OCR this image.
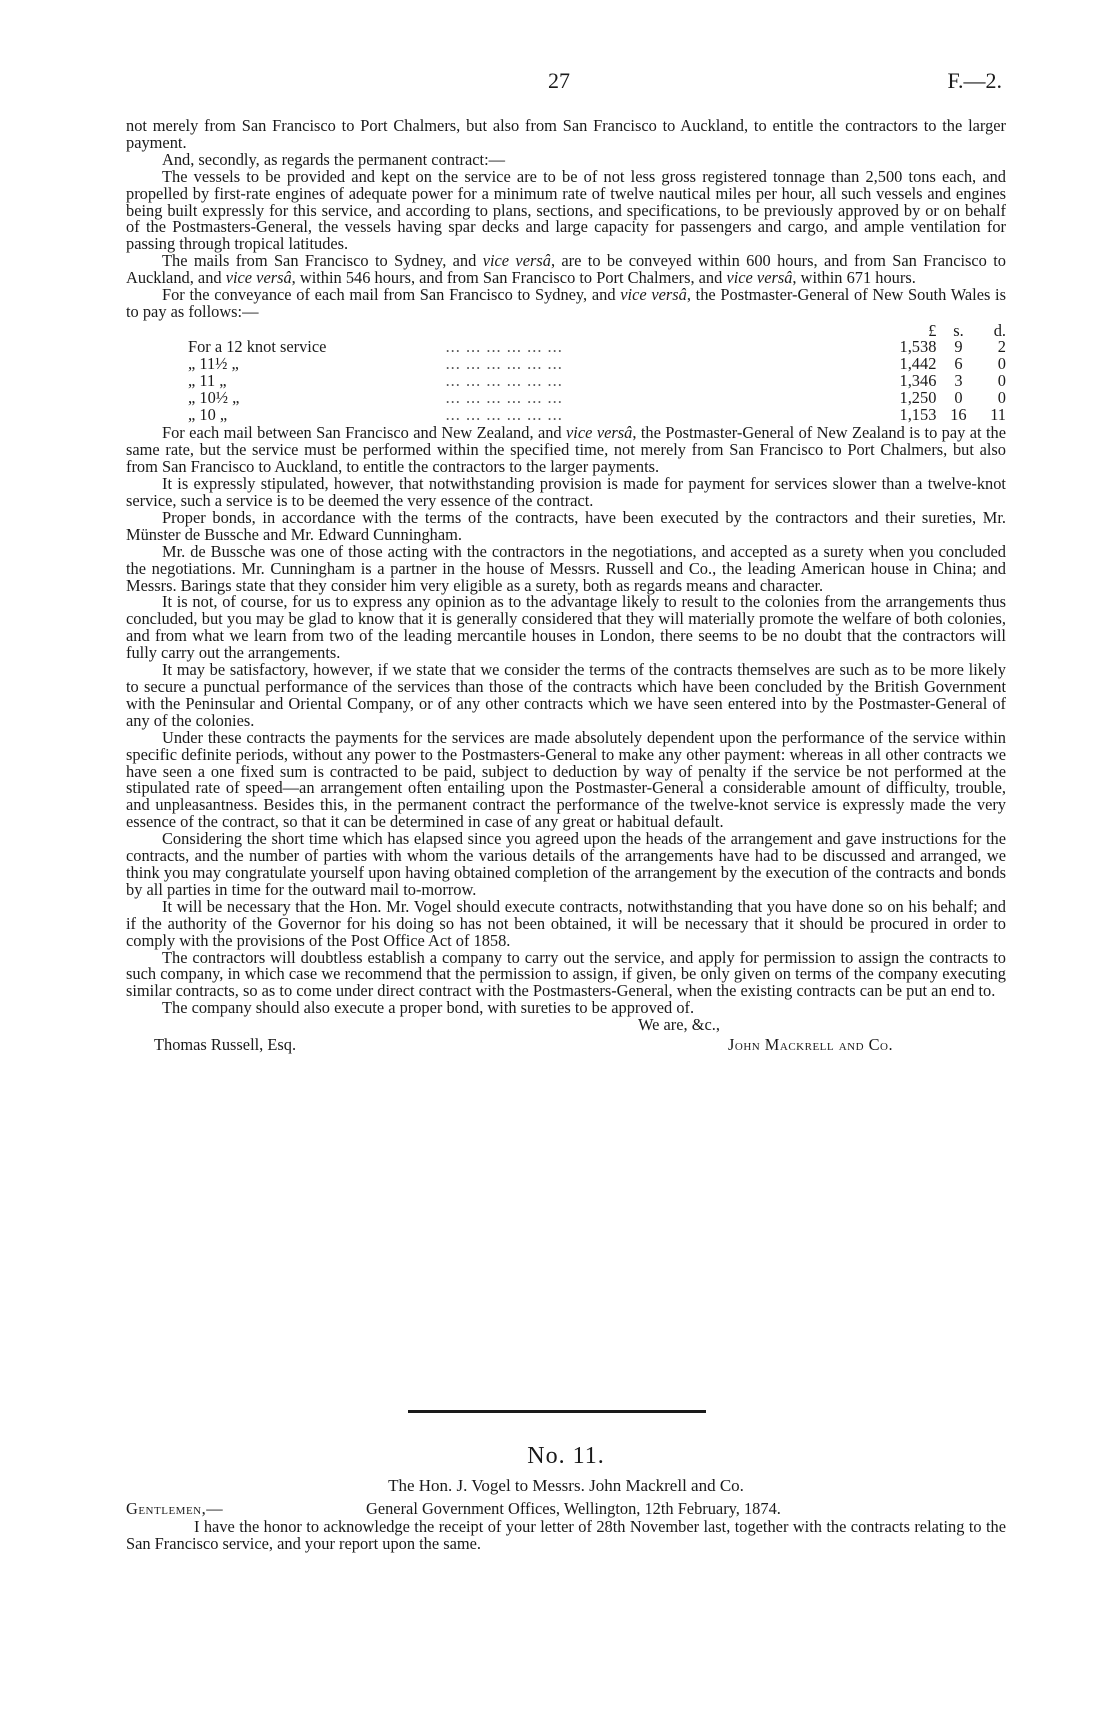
27	F.—2.

not merely from San Francisco to Port Chalmers, but also from San Francisco to Auckland, to entitle the contractors to the larger payment.

And, secondly, as regards the permanent contract:—

The vessels to be provided and kept on the service are to be of not less gross registered tonnage than 2,500 tons each, and propelled by first-rate engines of adequate power for a minimum rate of twelve nautical miles per hour, all such vessels and engines being built expressly for this service, and according to plans, sections, and specifications, to be previously approved by or on behalf of the Postmasters-General, the vessels having spar decks and large capacity for passengers and cargo, and ample ventilation for passing through tropical latitudes.

The mails from San Francisco to Sydney, and vice versâ, are to be conveyed within 600 hours, and from San Francisco to Auckland, and vice versâ, within 546 hours, and from San Francisco to Port Chalmers, and vice versâ, within 671 hours.

For the conveyance of each mail from San Francisco to Sydney, and vice versâ, the Postmaster-General of New South Wales is to pay as follows:—

		£	s.	d.
For a 12 knot service	... ... ... ... ... ...	1,538	9	2
„ 11½ „	... ... ... ... ... ...	1,442	6	0
„ 11 „	... ... ... ... ... ...	1,346	3	0
„ 10½ „	... ... ... ... ... ...	1,250	0	0
„ 10 „	... ... ... ... ... ...	1,153	16	11

For each mail between San Francisco and New Zealand, and vice versâ, the Postmaster-General of New Zealand is to pay at the same rate, but the service must be performed within the specified time, not merely from San Francisco to Port Chalmers, but also from San Francisco to Auckland, to entitle the contractors to the larger payments.

It is expressly stipulated, however, that notwithstanding provision is made for payment for services slower than a twelve-knot service, such a service is to be deemed the very essence of the contract.

Proper bonds, in accordance with the terms of the contracts, have been executed by the contractors and their sureties, Mr. Münster de Bussche and Mr. Edward Cunningham.

Mr. de Bussche was one of those acting with the contractors in the negotiations, and accepted as a surety when you concluded the negotiations. Mr. Cunningham is a partner in the house of Messrs. Russell and Co., the leading American house in China; and Messrs. Barings state that they consider him very eligible as a surety, both as regards means and character.

It is not, of course, for us to express any opinion as to the advantage likely to result to the colonies from the arrangements thus concluded, but you may be glad to know that it is generally considered that they will materially promote the welfare of both colonies, and from what we learn from two of the leading mercantile houses in London, there seems to be no doubt that the contractors will fully carry out the arrangements.

It may be satisfactory, however, if we state that we consider the terms of the contracts themselves are such as to be more likely to secure a punctual performance of the services than those of the contracts which have been concluded by the British Government with the Peninsular and Oriental Company, or of any other contracts which we have seen entered into by the Postmaster-General of any of the colonies.

Under these contracts the payments for the services are made absolutely dependent upon the performance of the service within specific definite periods, without any power to the Postmasters-General to make any other payment: whereas in all other contracts we have seen a one fixed sum is contracted to be paid, subject to deduction by way of penalty if the service be not performed at the stipulated rate of speed—an arrangement often entailing upon the Postmaster-General a considerable amount of difficulty, trouble, and unpleasantness. Besides this, in the permanent contract the performance of the twelve-knot service is expressly made the very essence of the contract, so that it can be determined in case of any great or habitual default.

Considering the short time which has elapsed since you agreed upon the heads of the arrangement and gave instructions for the contracts, and the number of parties with whom the various details of the arrangements have had to be discussed and arranged, we think you may congratulate yourself upon having obtained completion of the arrangement by the execution of the contracts and bonds by all parties in time for the outward mail to-morrow.

It will be necessary that the Hon. Mr. Vogel should execute contracts, notwithstanding that you have done so on his behalf; and if the authority of the Governor for his doing so has not been obtained, it will be necessary that it should be procured in order to comply with the provisions of the Post Office Act of 1858.

The contractors will doubtless establish a company to carry out the service, and apply for permission to assign the contracts to such company, in which case we recommend that the permission to assign, if given, be only given on terms of the company executing similar contracts, so as to come under direct contract with the Postmasters-General, when the existing contracts can be put an end to.

The company should also execute a proper bond, with sureties to be approved of.

We are, &c.,
Thomas Russell, Esq.	John Mackrell and Co.
No. 11.
The Hon. J. Vogel to Messrs. John Mackrell and Co.
Gentlemen,—	General Government Offices, Wellington, 12th February, 1874.

I have the honor to acknowledge the receipt of your letter of 28th November last, together with the contracts relating to the San Francisco service, and your report upon the same.
